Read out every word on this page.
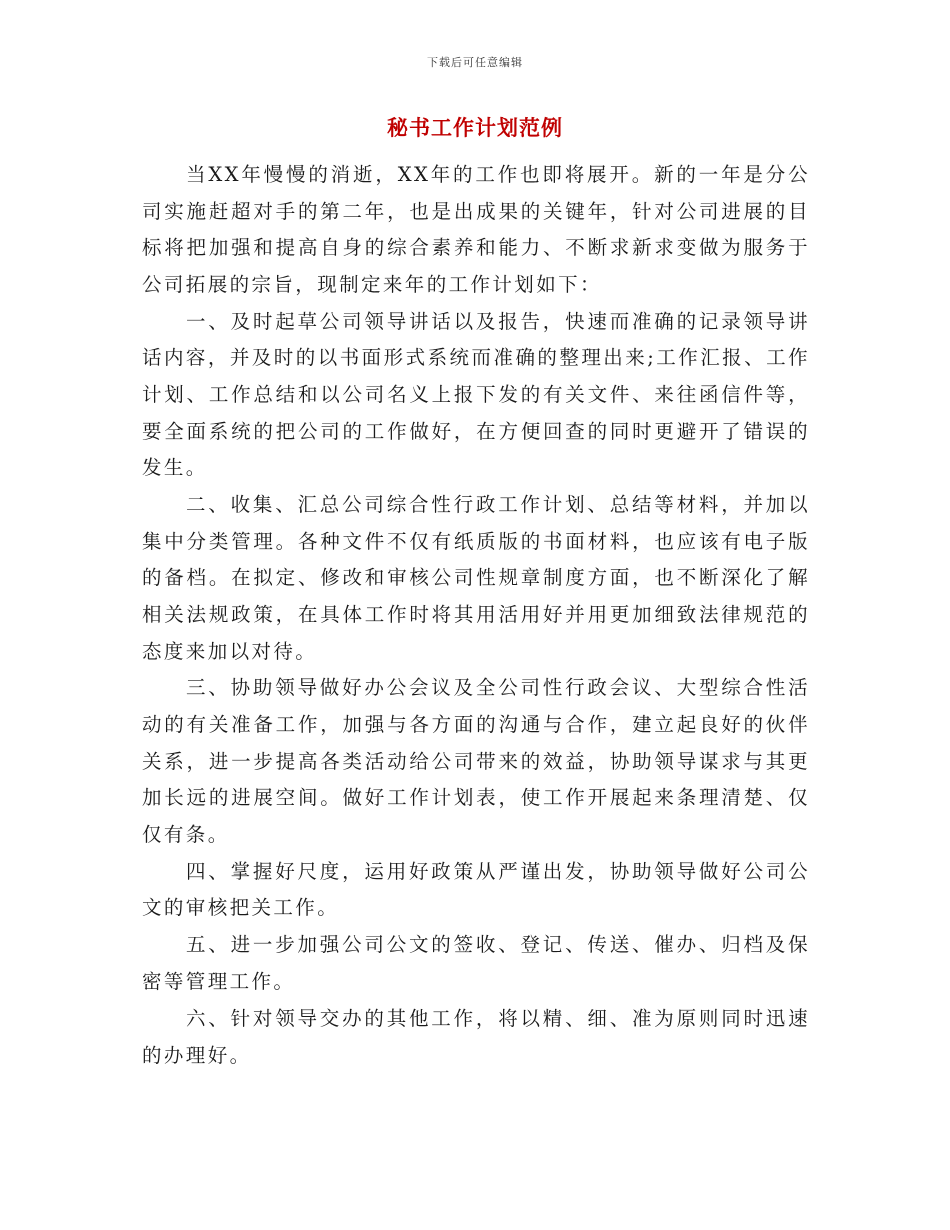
下载后可任意编辑
秘书工作计划范例

当XX年慢慢的消逝，XX年的工作也即将展开。新的一年是分公司实施赶超对手的第二年，也是出成果的关键年，针对公司进展的目标将把加强和提高自身的综合素养和能力、不断求新求变做为服务于公司拓展的宗旨，现制定来年的工作计划如下：

一、及时起草公司领导讲话以及报告，快速而准确的记录领导讲话内容，并及时的以书面形式系统而准确的整理出来;工作汇报、工作计划、工作总结和以公司名义上报下发的有关文件、来往函信件等，要全面系统的把公司的工作做好，在方便回查的同时更避开了错误的发生。

二、收集、汇总公司综合性行政工作计划、总结等材料，并加以集中分类管理。各种文件不仅有纸质版的书面材料，也应该有电子版的备档。在拟定、修改和审核公司性规章制度方面，也不断深化了解相关法规政策，在具体工作时将其用活用好并用更加细致法律规范的态度来加以对待。

三、协助领导做好办公会议及全公司性行政会议、大型综合性活动的有关准备工作，加强与各方面的沟通与合作，建立起良好的伙伴关系，进一步提高各类活动给公司带来的效益，协助领导谋求与其更加长远的进展空间。做好工作计划表，使工作开展起来条理清楚、仅仅有条。

四、掌握好尺度，运用好政策从严谨出发，协助领导做好公司公文的审核把关工作。

五、进一步加强公司公文的签收、登记、传送、催办、归档及保密等管理工作。

六、针对领导交办的其他工作，将以精、细、准为原则同时迅速的办理好。
